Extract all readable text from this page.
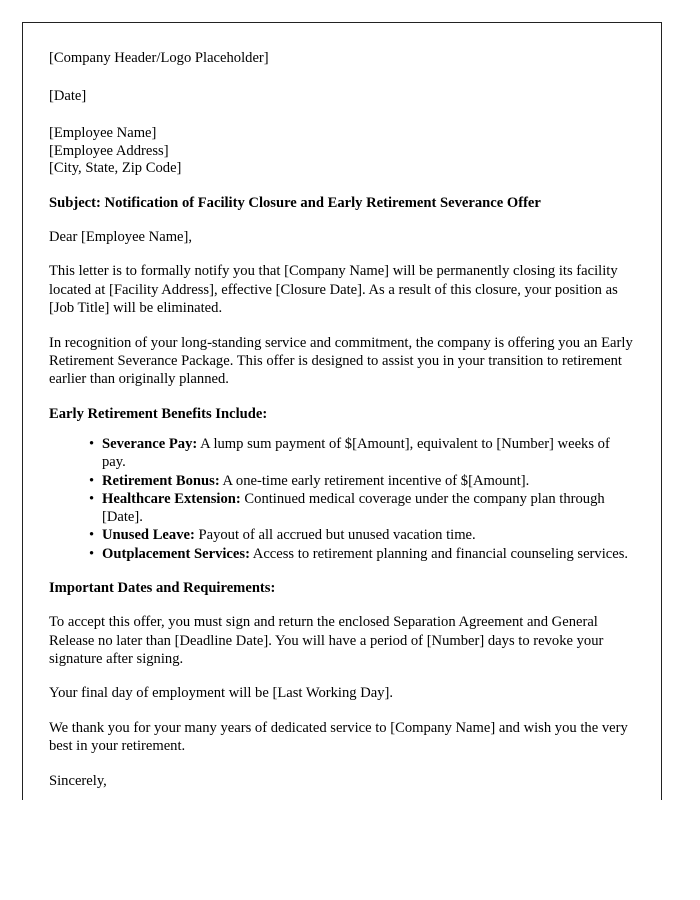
[Company Header/Logo Placeholder]
[Date]
[Employee Name]
[Employee Address]
[City, State, Zip Code]
Subject: Notification of Facility Closure and Early Retirement Severance Offer
Dear [Employee Name],

This letter is to formally notify you that [Company Name] will be permanently closing its facility located at [Facility Address], effective [Closure Date]. As a result of this closure, your position as [Job Title] will be eliminated.

In recognition of your long-standing service and commitment, the company is offering you an Early Retirement Severance Package. This offer is designed to assist you in your transition to retirement earlier than originally planned.

Early Retirement Benefits Include:
• Severance Pay: A lump sum payment of $[Amount], equivalent to [Number] weeks of pay.
• Retirement Bonus: A one-time early retirement incentive of $[Amount].
• Healthcare Extension: Continued medical coverage under the company plan through [Date].
• Unused Leave: Payout of all accrued but unused vacation time.
• Outplacement Services: Access to retirement planning and financial counseling services.
Important Dates and Requirements:

To accept this offer, you must sign and return the enclosed Separation Agreement and General Release no later than [Deadline Date]. You will have a period of [Number] days to revoke your signature after signing.

Your final day of employment will be [Last Working Day].

We thank you for your many years of dedicated service to [Company Name] and wish you the very best in your retirement.

Sincerely,
